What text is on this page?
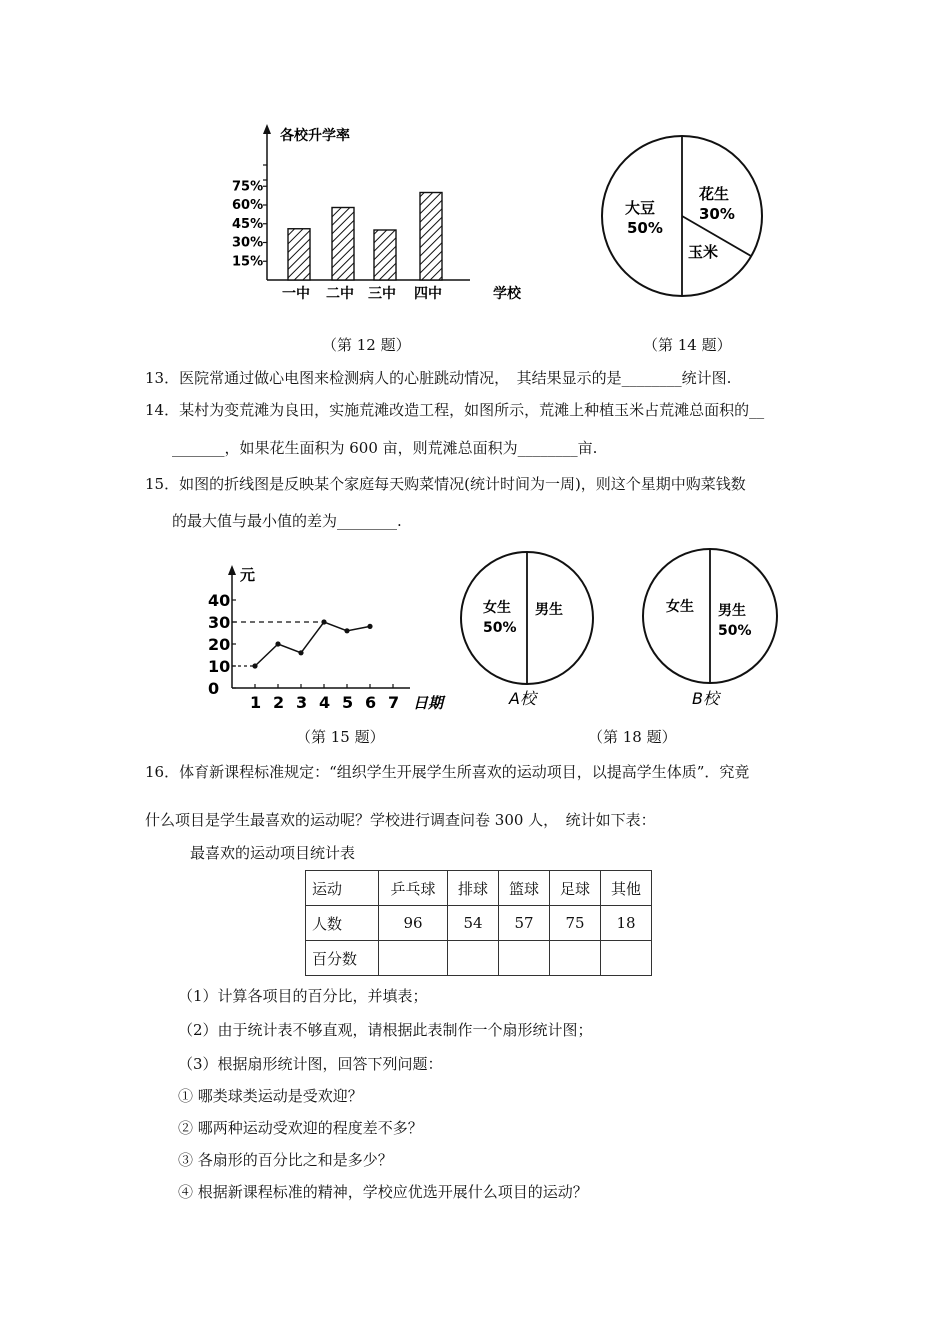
各校升学率
75%
60%
45%
30%
15%
一中 二中 三中 四中	学校
（第 12 题）
大豆
50%
花生
30%
玉米
（第 14 题）
13．医院常通过做心电图来检测病人的心脏跳动情况，　其结果显示的是________统计图.
14．某村为变荒滩为良田，实施荒滩改造工程，如图所示，荒滩上种植玉米占荒滩总面积的__
_______，如果花生面积为 600 亩，则荒滩总面积为________亩.
15．如图的折线图是反映某个家庭每天购菜情况(统计时间为一周)，则这个星期中购菜钱数
的最大值与最小值的差为________.
元
40
30
20
10
0
1 2 3 4 5 6 7 日期
（第 15 题）
女生
50%
男生
A校
女生 男生
50%
B校
（第 18 题）
16．体育新课程标准规定：“组织学生开展学生所喜欢的运动项目，以提高学生体质”．究竟
什么项目是学生最喜欢的运动呢？学校进行调查问卷 300 人，　统计如下表：
最喜欢的运动项目统计表
运动	乒乓球	排球	篮球	足球	其他
人数	96	54	57	75	18
百分数					
（1）计算各项目的百分比，并填表；
（2）由于统计表不够直观，请根据此表制作一个扇形统计图；
（3）根据扇形统计图，回答下列问题：
① 哪类球类运动是受欢迎？
② 哪两种运动受欢迎的程度差不多？
③ 各扇形的百分比之和是多少？
④ 根据新课程标准的精神，学校应优选开展什么项目的运动？
